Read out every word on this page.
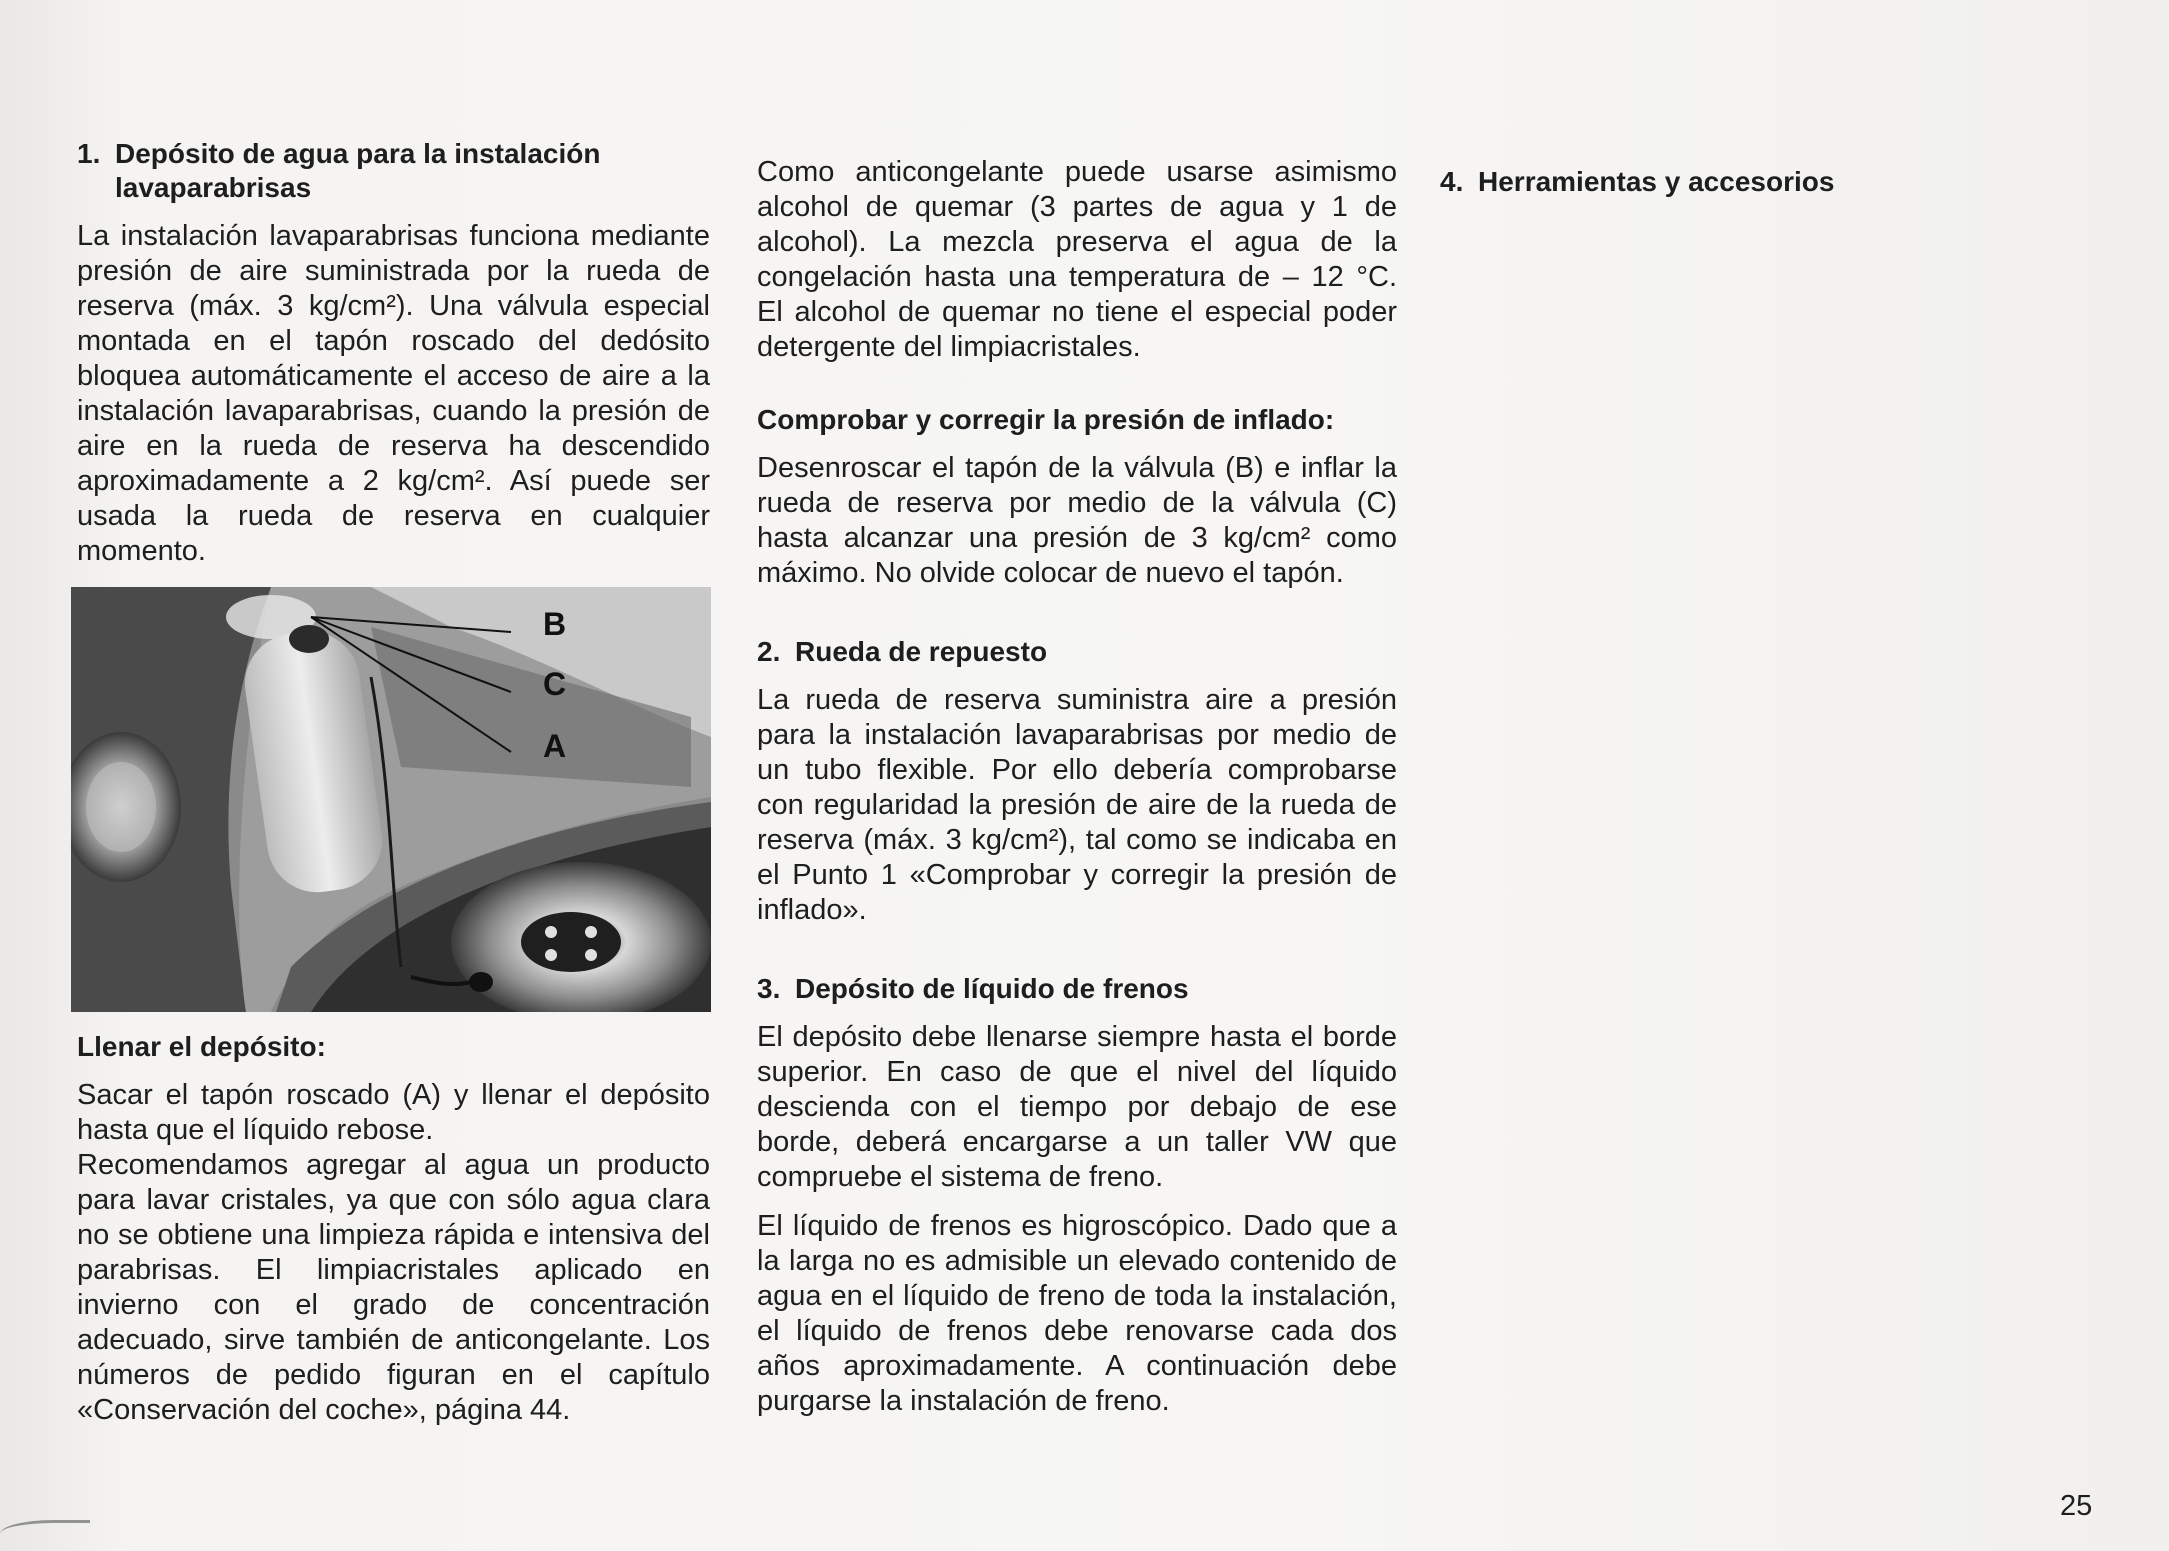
1. Depósito de agua para la instalación
lavaparabrisas

La instalación lavaparabrisas funciona mediante presión de aire suministrada por la rueda de reserva (máx. 3 kg/cm²). Una válvula especial montada en el tapón roscado del dedósito bloquea automáticamente el acceso de aire a la instalación lavaparabrisas, cuando la presión de aire en la rueda de reserva ha descendido aproximadamente a 2 kg/cm². Así puede ser usada la rueda de reserva en cualquier momento.

B
C
A
Llenar el depósito:

Sacar el tapón roscado (A) y llenar el depósito hasta que el líquido rebose.

Recomendamos agregar al agua un producto para lavar cristales, ya que con sólo agua clara no se obtiene una limpieza rápida e intensiva del parabrisas. El limpiacristales aplicado en invierno con el grado de concentración adecuado, sirve también de anticongelante. Los números de pedido figuran en el capítulo «Conservación del coche», página 44.

Como anticongelante puede usarse asimismo alcohol de quemar (3 partes de agua y 1 de alcohol). La mezcla preserva el agua de la congelación hasta una temperatura de – 12 °C. El alcohol de quemar no tiene el especial poder detergente del limpiacristales.

Comprobar y corregir la presión de inflado:

Desenroscar el tapón de la válvula (B) e inflar la rueda de reserva por medio de la válvula (C) hasta alcanzar una presión de 3 kg/cm² como máximo. No olvide colocar de nuevo el tapón.

2. Rueda de repuesto

La rueda de reserva suministra aire a presión para la instalación lavaparabrisas por medio de un tubo flexible. Por ello debería comprobarse con regularidad la presión de aire de la rueda de reserva (máx. 3 kg/cm²), tal como se indicaba en el Punto 1 «Comprobar y corregir la presión de inflado».

3. Depósito de líquido de frenos

El depósito debe llenarse siempre hasta el borde superior. En caso de que el nivel del líquido descienda con el tiempo por debajo de ese borde, deberá encargarse a un taller VW que compruebe el sistema de freno.

El líquido de frenos es higroscópico. Dado que a la larga no es admisible un elevado contenido de agua en el líquido de freno de toda la instalación, el líquido de frenos debe renovarse cada dos años aproximadamente. A continuación debe purgarse la instalación de freno.

4. Herramientas y accesorios
25
